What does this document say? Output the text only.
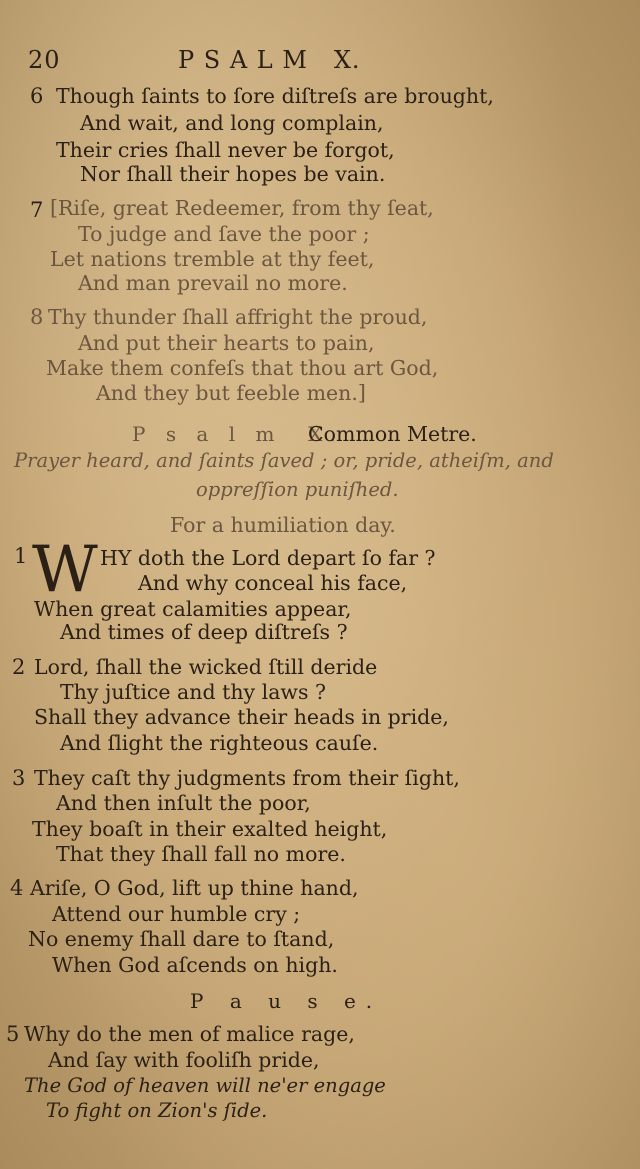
20	P S A L M   X.
6 Though ſaints to ſore diſtreſs are brought,
And wait, and long complain,
Their cries ſhall never be forgot,
Nor ſhall their hopes be vain.
7 [Riſe, great Redeemer, from thy ſeat,
To judge and ſave the poor ;
Let nations tremble at thy feet,
And man prevail no more.
8 Thy thunder ſhall affright the proud,
And put their hearts to pain,
Make them confeſs that thou art God,
And they but feeble men.]
P s a l m  X.
Common Metre.
Prayer heard, and ſaints ſaved ; or, pride, atheiſm, and
oppreſſion puniſhed.
For a humiliation day.
1 W HY doth the Lord depart ſo far ?
And why conceal his face,
When great calamities appear,
And times of deep diſtreſs ?
2 Lord, ſhall the wicked ſtill deride
Thy juſtice and thy laws ?
Shall they advance their heads in pride,
And ſlight the righteous cauſe.
3 They caſt thy judgments from their ſight,
And then inſult the poor,
They boaſt in their exalted height,
That they ſhall fall no more.
4 Ariſe, O God, lift up thine hand,
Attend our humble cry ;
No enemy ſhall dare to ſtand,
When God aſcends on high.
P a u s e.
5 Why do the men of malice rage,
And ſay with fooliſh pride,
The God of heaven will ne'er engage
To fight on Zion's ſide.
